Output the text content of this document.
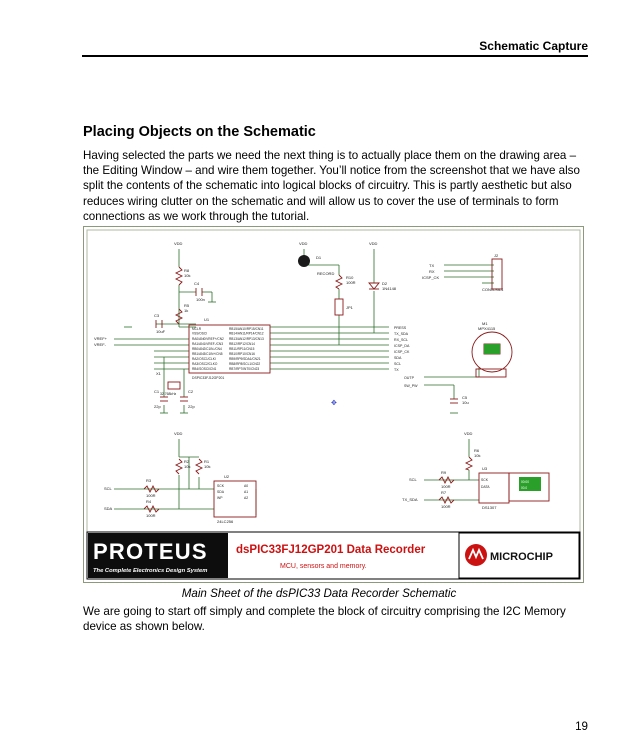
Schematic Capture
Placing Objects on the Schematic

Having selected the parts we need the next thing is to actually place them on the drawing area – the Editing Window – and wire them together. You’ll notice from the screenshot that we have also split the contents of the schematic into logical blocks of circuitry. This is partly aesthetic but also reduces wiring clutter on the schematic and will allow us to cover the use of terminals to form connections as we work through the tutorial.

VDD	VDD	VDD
VDD	VDD
R8
10k
C4
100n
R5
1k
C3
10uF
U1
MCLR
VSS/OSCI
RA0/AN0/VREF+/CN2
RA1/AN1/VREF-/CN3
RB0/AN2/C1IN-/CN4
RB1/AN3/C1IN+/CN5
RA2/OSC1/CLKI
RA3/OSC2/CLKO
RB4/SOSCI/CN1
RB15/AN10/RP15/CN11
RB14/AN11/RP14/CN12
RB13/AN12/RP13/CN13
RB12/RP12/CN14
RB11/RP11/CN15
RB10/RP10/CN16
RB9/RP9/SDA1/CN21
RB8/RP8/SCL1/CN22
RB7/RP7/INT0/CN23
DSPIC33FJ12GP201
VREF+
VREF-
X1
32.768kHz
C1
22p
C2
22p
D1
RECORD
R10
100R	D2
1N4148
JP1
TX
RX
ICSP_CK
J2
CONN-SIL4
PRESS
TX_SDA
RX_SCL
ICSP_DA
ICSP_CK
SDA
SCL
TX
OUTP
SW_PW
M1
MPX4115
C5
10u
R2
10k
R1
10k
R3
100R
R4
100R
SCL
SDA
U2
SCK
SDA
WP
A0
A1
A2
24LC256
R6
10k
R9
100R
R7
100R
SCL
TX_SDA
U3
SCK
DATA
DS1307
00:00
00.0
✥
PROTEUS
The Complete Electronics Design System
dsPIC33FJ12GP201 Data Recorder
MCU, sensors and memory.
MICROCHIP
Main Sheet of the dsPIC33 Data Recorder Schematic

We are going to start off simply and complete the block of circuitry comprising the I2C Memory device as shown below.

19
